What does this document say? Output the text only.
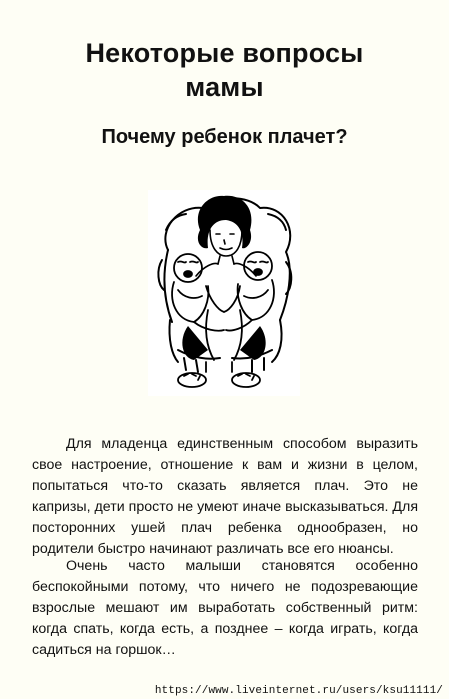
Некоторые вопросы
мамы
Почему ребенок плачет?

Для младенца единственным способом выразить свое настроение, отношение к вам и жизни в целом, попытаться что-то сказать является плач. Это не капризы, дети просто не умеют иначе высказываться. Для посторонних ушей плач ребенка однообразен, но родители быстро начинают различать все его нюансы.

Очень часто малыши становятся особенно беспокойными потому, что ничего не подозревающие взрослые мешают им выработать собственный ритм: когда спать, когда есть, а позднее – когда играть, когда садиться на горшок…

https://www.liveinternet.ru/users/ksu11111/
